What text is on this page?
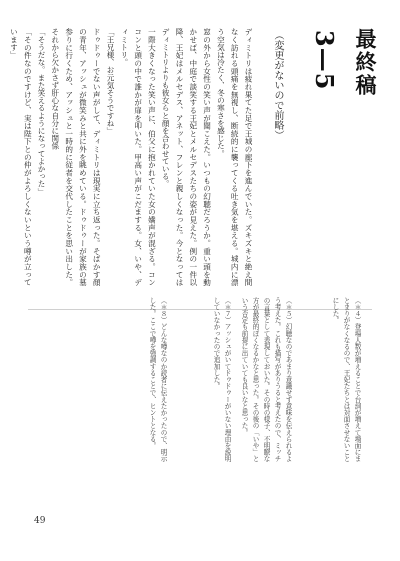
最終稿
3—5
（変更がないので前略）

ディミトリは疲れ果てた足で王城の廊下を進んでいた。ズキズキと絶え間なく訪れる頭痛を無視し、断続的に襲ってくる吐き気を堪える。城内に漂う空気は冷たく、冬の寒さを感じた。

窓の外から女性の笑い声が聞こえた。いつもの幻聴だろうか。重い頭を動かせば、中庭で談笑する王妃とメルセデスたちの姿が見えた。例の一件以降、王妃はメルセデス、アネット、フレンと親しくなった。今となってはディミトリよりも彼女らと顔を合わせている。

一際大きくなった笑い声に、伯父に抱かれていた女の嬌声が混ざる。コンコンと頭の中で誰かが扉を叩いた。甲高い声がこだまする。女、いや、ディミトリ。

「王兄様、お元気そうですね」

ドゥドゥーでない声がして、ディミトリは現実に立ち返った。そばかす顔の青年、アッシュが微笑みと共に外を眺めている。ドゥドゥーが家族の墓参りに行くため、アッシュと一時的に従者を交代したことを思い出した。それから欠かさず肝心な自分に関係

「そうだな。また笑えるようになってよかった」

「その件なのですけど、実は陛下との仲がよろしくないという噂が立っています」

（＊４）登場人数が増えることで台詞が増えて場面にまとまりがなくなるので、王妃たちとは対面させないことにした。

（＊５）幻聴なのであまり意識せず意味を伝えられるよう考えた。これも描写がありうると考えたので、ミッチの言葉として表現しておいた。その時の様子、不明瞭な方が最終的ぼくなるかなと思った。その後の「いや」という否定も前提に出ていても良いなと思った。

（＊７）アッシュがいてドゥドゥーがいない理由を説明していなかったので追加した。

（＊８）どんな噂なのか読者に伝えたかったので、明示した。ここで噂を強調することで、ヒントとなる。

49
